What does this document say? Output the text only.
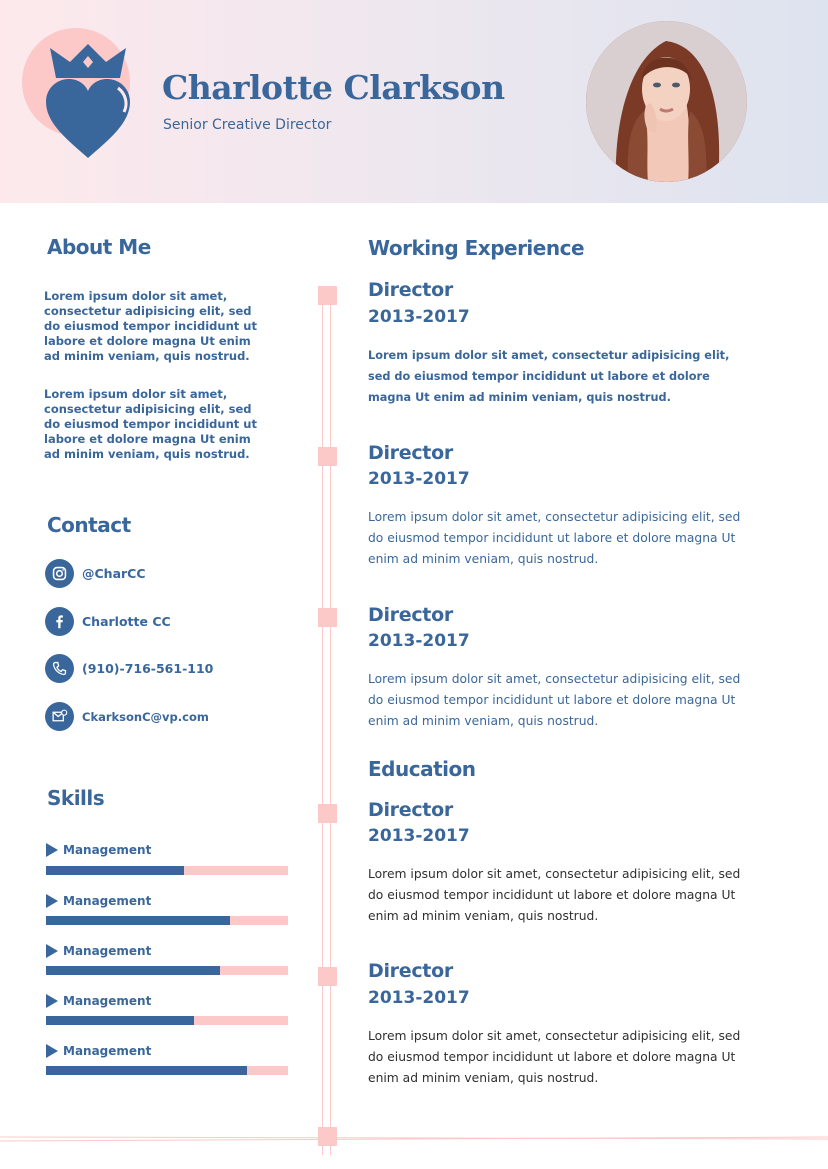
Charlotte Clarkson
Senior Creative Director
About Me
Lorem ipsum dolor sit amet, consectetur adipisicing elit, sed do eiusmod tempor incididunt ut labore et dolore magna Ut enim ad minim veniam, quis nostrud.
Lorem ipsum dolor sit amet, consectetur adipisicing elit, sed do eiusmod tempor incididunt ut labore et dolore magna Ut enim ad minim veniam, quis nostrud.
Contact
@CharCC
Charlotte CC
(910)-716-561-110
CkarksonC@vp.com
Skills
Management
Management
Management
Management
Management
Working Experience
Director
2013-2017
Lorem ipsum dolor sit amet, consectetur adipisicing elit, sed do eiusmod tempor incididunt ut labore et dolore magna Ut enim ad minim veniam, quis nostrud.
Director
2013-2017
Lorem ipsum dolor sit amet, consectetur adipisicing elit, sed do eiusmod tempor incididunt ut labore et dolore magna Ut enim ad minim veniam, quis nostrud.
Director
2013-2017
Lorem ipsum dolor sit amet, consectetur adipisicing elit, sed do eiusmod tempor incididunt ut labore et dolore magna Ut enim ad minim veniam, quis nostrud.
Education
Director
2013-2017
Lorem ipsum dolor sit amet, consectetur adipisicing elit, sed do eiusmod tempor incididunt ut labore et dolore magna Ut enim ad minim veniam, quis nostrud.
Director
2013-2017
Lorem ipsum dolor sit amet, consectetur adipisicing elit, sed do eiusmod tempor incididunt ut labore et dolore magna Ut enim ad minim veniam, quis nostrud.
